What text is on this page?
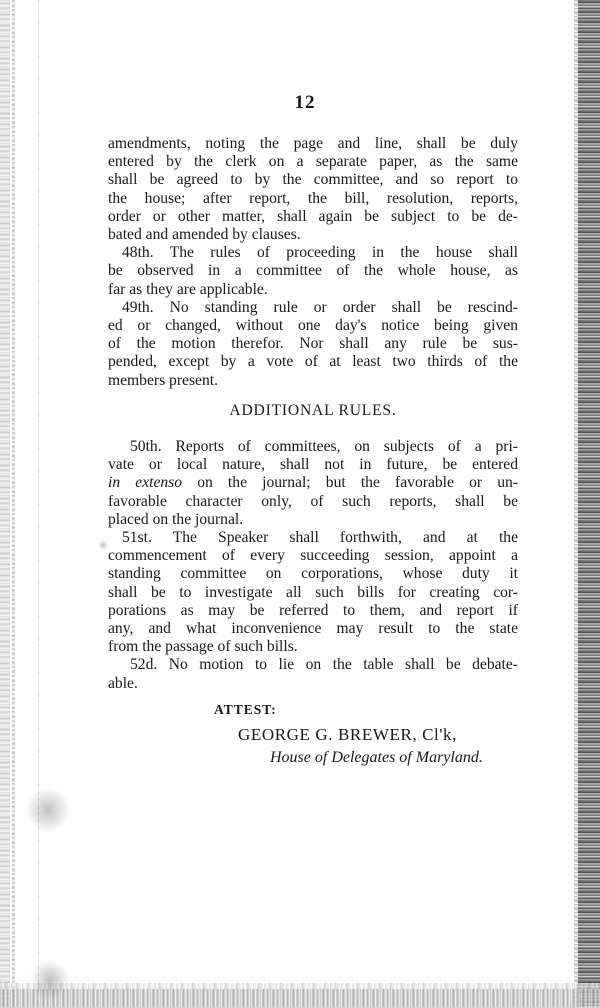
12
amendments, noting the page and line, shall be duly
entered by the clerk on a separate paper, as the same
shall be agreed to by the committee, and so report to
the house; after report, the bill, resolution, reports,
order or other matter, shall again be subject to be de-
bated and amended by clauses.
48th. The rules of proceeding in the house shall
be observed in a committee of the whole house, as
far as they are applicable.
49th. No standing rule or order shall be rescind-
ed or changed, without one day's notice being given
of the motion therefor. Nor shall any rule be sus-
pended, except by a vote of at least two thirds of the
members present.
ADDITIONAL RULES.
50th. Reports of committees, on subjects of a pri-
vate or local nature, shall not in future, be entered
in extenso on the journal; but the favorable or un-
favorable character only, of such reports, shall be
placed on the journal.
51st. The Speaker shall forthwith, and at the
commencement of every succeeding session, appoint a
standing committee on corporations, whose duty it
shall be to investigate all such bills for creating cor-
porations as may be referred to them, and report if
any, and what inconvenience may result to the state
from the passage of such bills.
52d. No motion to lie on the table shall be debate-
able.
ATTEST:
GEORGE G. BREWER, Cl'k,
House of Delegates of Maryland.
